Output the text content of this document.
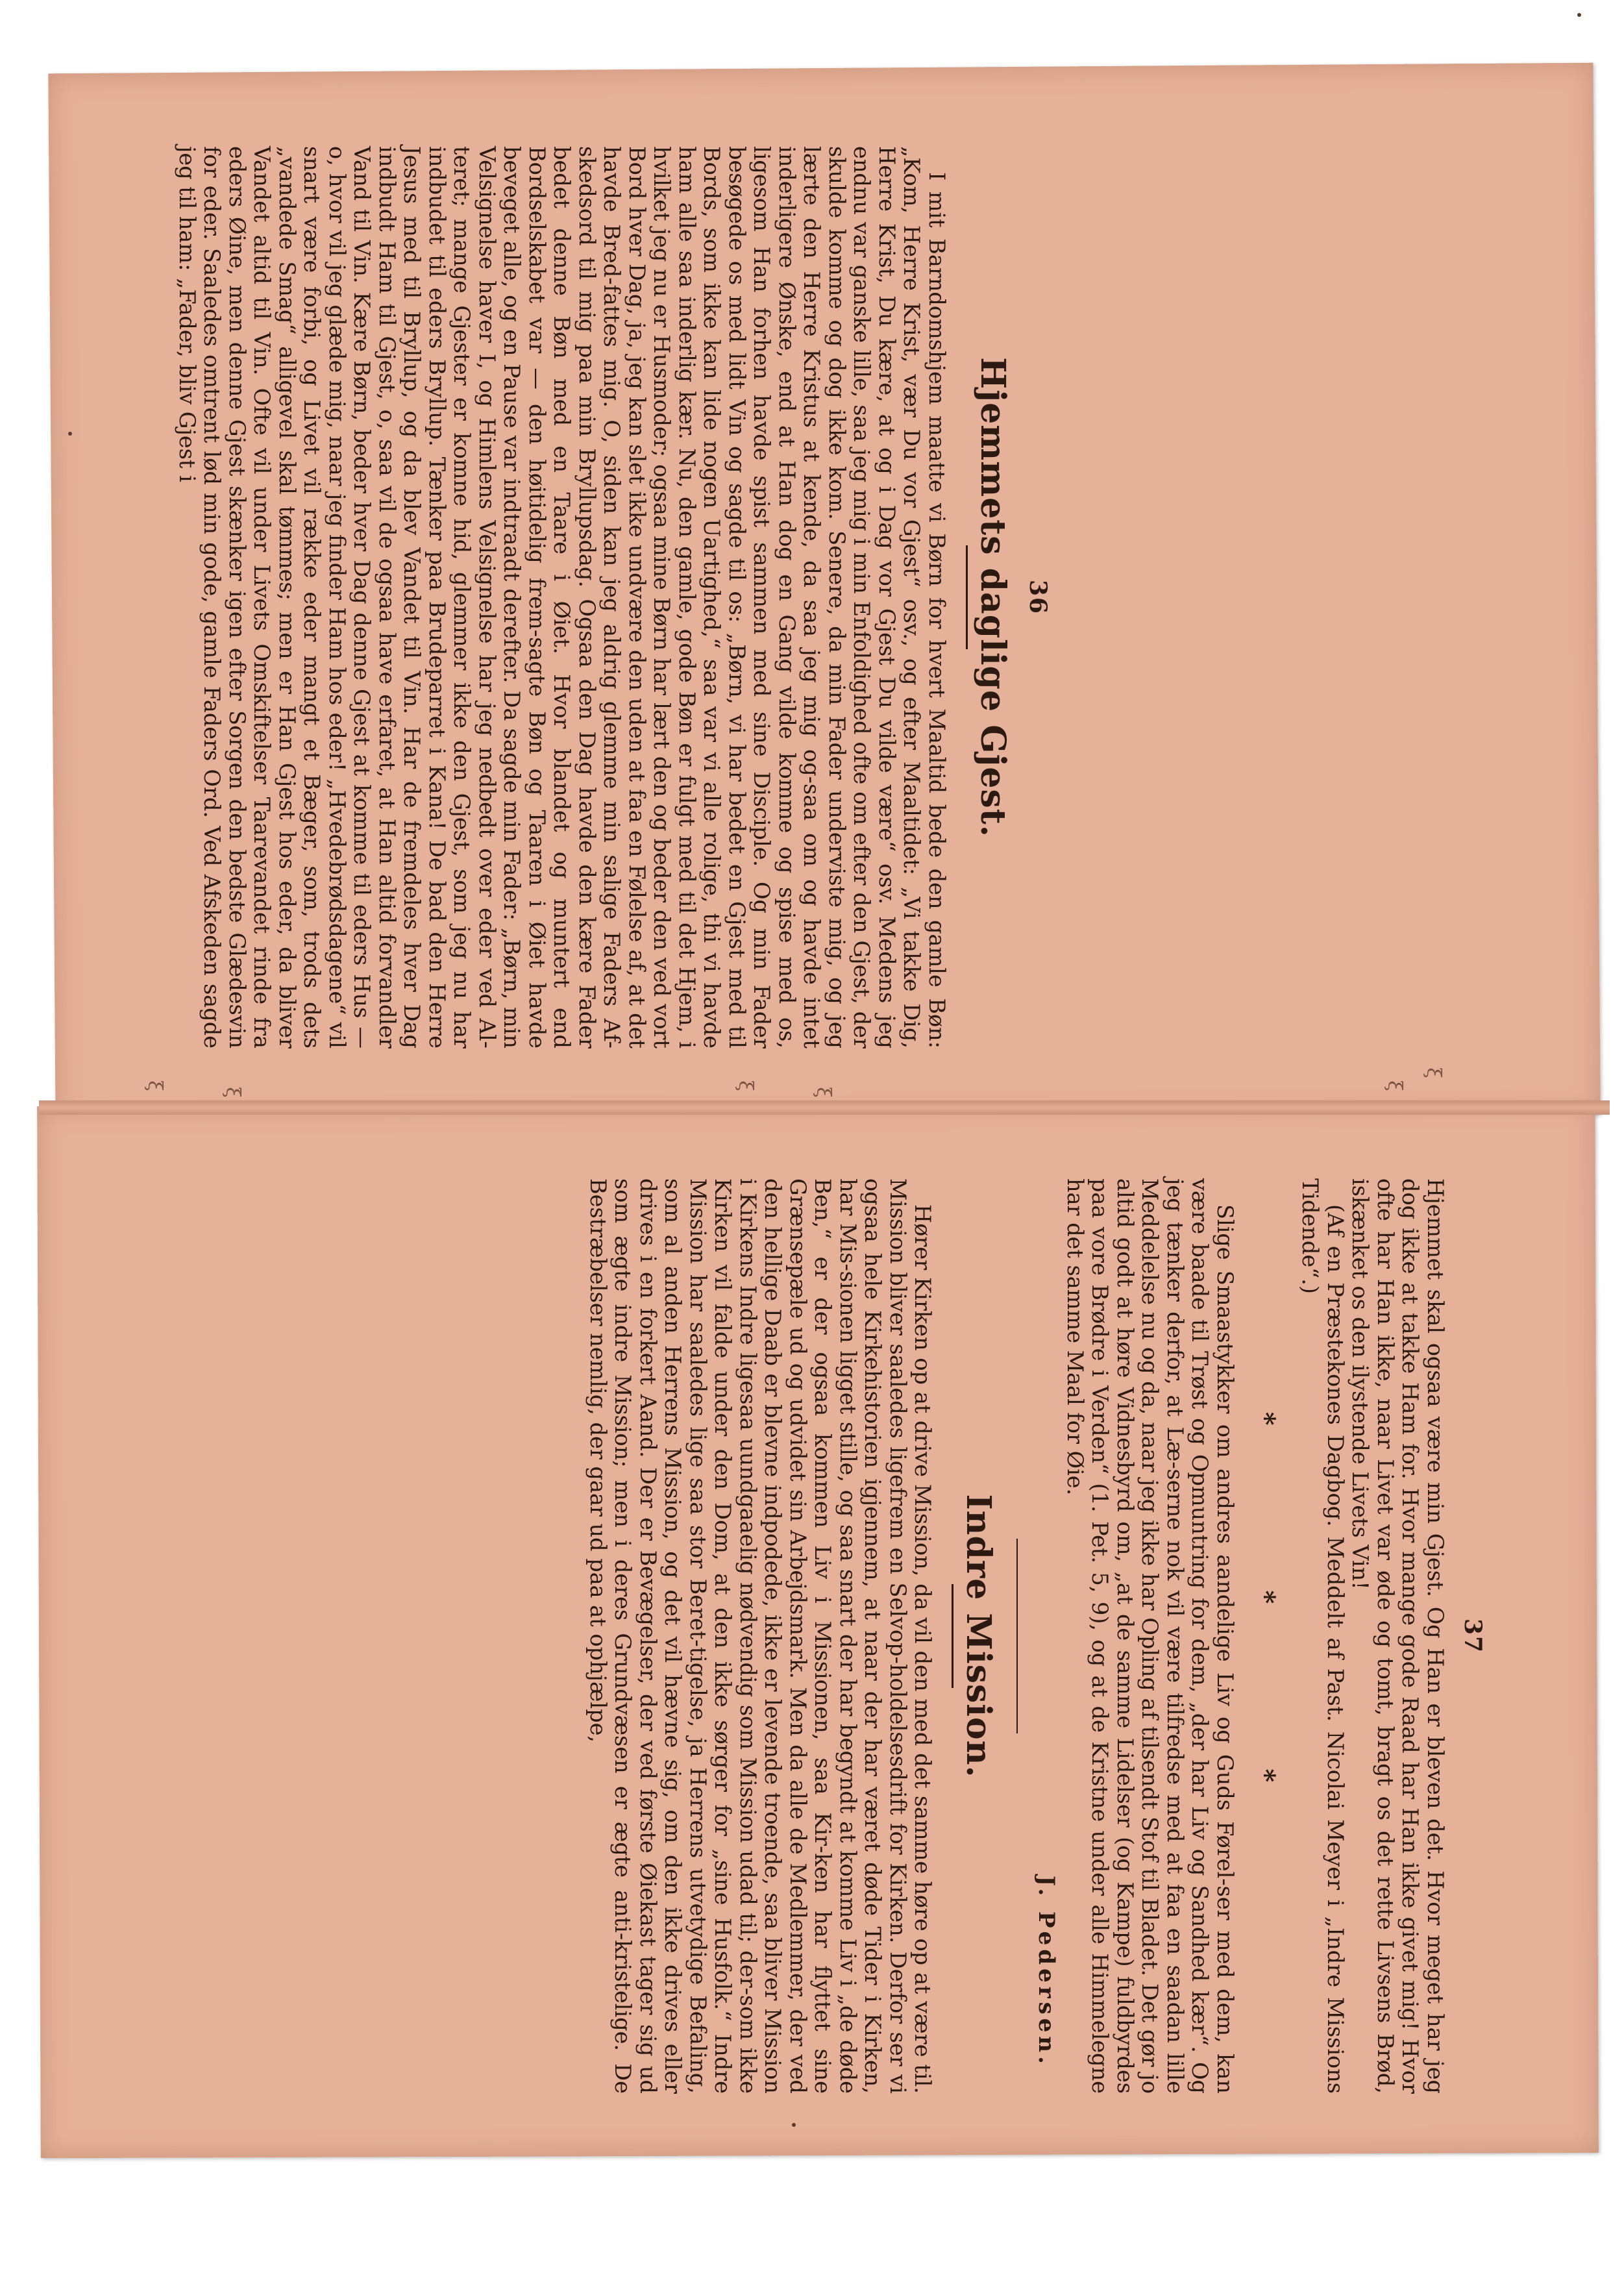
ξ
ξ
ξ
ξ
ξ
ξ
36
Hjemmets daglige Gjest.

I mit Barndomshjem maatte vi Børn for hvert Maaltid bede den gamle Bøn: „Kom, Herre Krist, vær Du vor Gjest“ osv., og efter Maaltidet: „Vi takke Dig, Herre Krist, Du kære, at og i Dag vor Gjest Du vilde være“ osv. Medens jeg endnu var ganske lille, saa jeg mig i min Enfoldighed ofte om efter den Gjest, der skulde komme og dog ikke kom. Senere, da min Fader underviste mig, og jeg lærte den Herre Kristus at kende, da saa jeg mig og-saa om og havde intet inderligere Ønske, end at Han dog en Gang vilde komme og spise med os, ligesom Han forhen havde spist sammen med sine Disciple. Og min Fader besøgede os med lidt Vin og sagde til os: „Børn, vi har bedet en Gjest med til Bords, som ikke kan lide nogen Uartighed,“ saa var vi alle rolige, thi vi havde ham alle saa inderlig kær. Nu, den gamle, gode Bøn er fulgt med til det Hjem, i hvilket jeg nu er Husmoder; ogsaa mine Børn har lært den og beder den ved vort Bord hver Dag, ja, jeg kan slet ikke undvære den uden at faa en Følelse af, at det havde Bred-fattes mig. O, siden kan jeg aldrig glemme min salige Faders Af-skedsord til mig paa min Bryllupsdag. Ogsaa den Dag havde den kære Fader bedet denne Bøn med en Taare i Øiet. Hvor blandet og muntert end Bordselskabet var — den høitidelig frem-sagte Bøn og Taaren i Øiet havde beveget alle, og en Pause var indtraadt derefter. Da sagde min Fader: „Børn, min Velsignelse haver I, og Himlens Velsignelse har jeg nedbedt over eder ved Al-teret; mange Gjester er komne hid, glemmer ikke den Gjest, som jeg nu har indbudet til eders Bryllup. Tænker paa Brudeparret i Kana! De bad den Herre Jesus med til Bryllup, og da blev Vandet til Vin. Har de fremdeles hver Dag indbudt Ham til Gjest, o, saa vil de ogsaa have erfaret, at Han altid forvandler Vand til Vin. Kære Børn, beder hver Dag denne Gjest at komme til eders Hus — o, hvor vil jeg glæde mig, naar jeg finder Ham hos eder! „Hvedebrødsdagene“ vil snart være forbi, og Livet vil række eder mangt et Bæger, som, trods dets „vandede Smag“ alligevel skal tømmes; men er Han Gjest hos eder, da bliver Vandet altid til Vin. Ofte vil under Livets Omskiftelser Taarevandet rinde fra eders Øine, men denne Gjest skænker igen efter Sorgen den bedste Glædesvin for eder. Saaledes omtrent lød min gode, gamle Faders Ord. Ved Afskeden sagde jeg til ham: „Fader, bliv Gjest i

37

Hjemmet skal ogsaa være min Gjest. Og Han er bleven det. Hvor meget har jeg dog ikke at takke Ham for. Hvor mange gode Raad har Han ikke givet mig! Hvor ofte har Han ikke, naar Livet var øde og tomt, bragt os det rette Livsens Brød, iskænket os den ilystende Livets Vin!

(Af en Præstekones Dagbog. Meddelt af Past. Nicolai Meyer i „Indre Missions Tidende“.)

* * *

Slige Smaastykker om andres aandelige Liv og Guds Førel-ser med dem, kan være baade til Trøst og Opmuntring for dem, „der har Liv og Sandhed kær“. Og jeg tænker derfor, at Læ-serne nok vil være tilfredse med at faa en saadan lille Meddelelse nu og da, naar jeg ikke har Opling af tilsendt Stof til Bladet. Det gør jo altid godt at høre Vidnesbyrd om, „at de samme Lidelser (og Kampe) fuldbyrdes paa vore Brødre i Verden“ (1. Pet. 5, 9), og at de Kristne under alle Himmelegne har det samme Maal for Øie.

J. Pedersen.
Indre Mission.

Hører Kirken op at drive Mission, da vil den med det samme høre op at være til. Mission bliver saaledes ligefrem en Selvop-holdelsesdrift for Kirken. Derfor ser vi ogsaa hele Kirkehistorien igjennem, at naar der har været døde Tider i Kirken, har Mis-sionen ligget stille, og saa snart der har begyndt at komme Liv i „de døde Ben,“ er der ogsaa kommen Liv i Missionen, saa Kir-ken har flyttet sine Grænsepæle ud og udvidet sin Arbejdsmark. Men da alle de Medlemmer, der ved den hellige Daab er blevne indpodede, ikke er levende troende, saa bliver Mission i Kirkens Indre ligesaa uundgaaelig nødvendig som Mission udad til; der-som ikke Kirken vil falde under den Dom, at den ikke sørger for „sine Husfolk.“ Indre Mission har saaledes lige saa stor Beret-tigelse, ja Herrens utvetydige Befaling, som al anden Herrens Mission, og det vil hævne sig, om den ikke drives eller drives i en forkert Aand. Der er Bevægelser, der ved første Øiekast tager sig ud som ægte indre Mission; men i deres Grundvæsen er ægte anti-kristelige. De Bestræbelser nemlig, der gaar ud paa at ophjælpe,
